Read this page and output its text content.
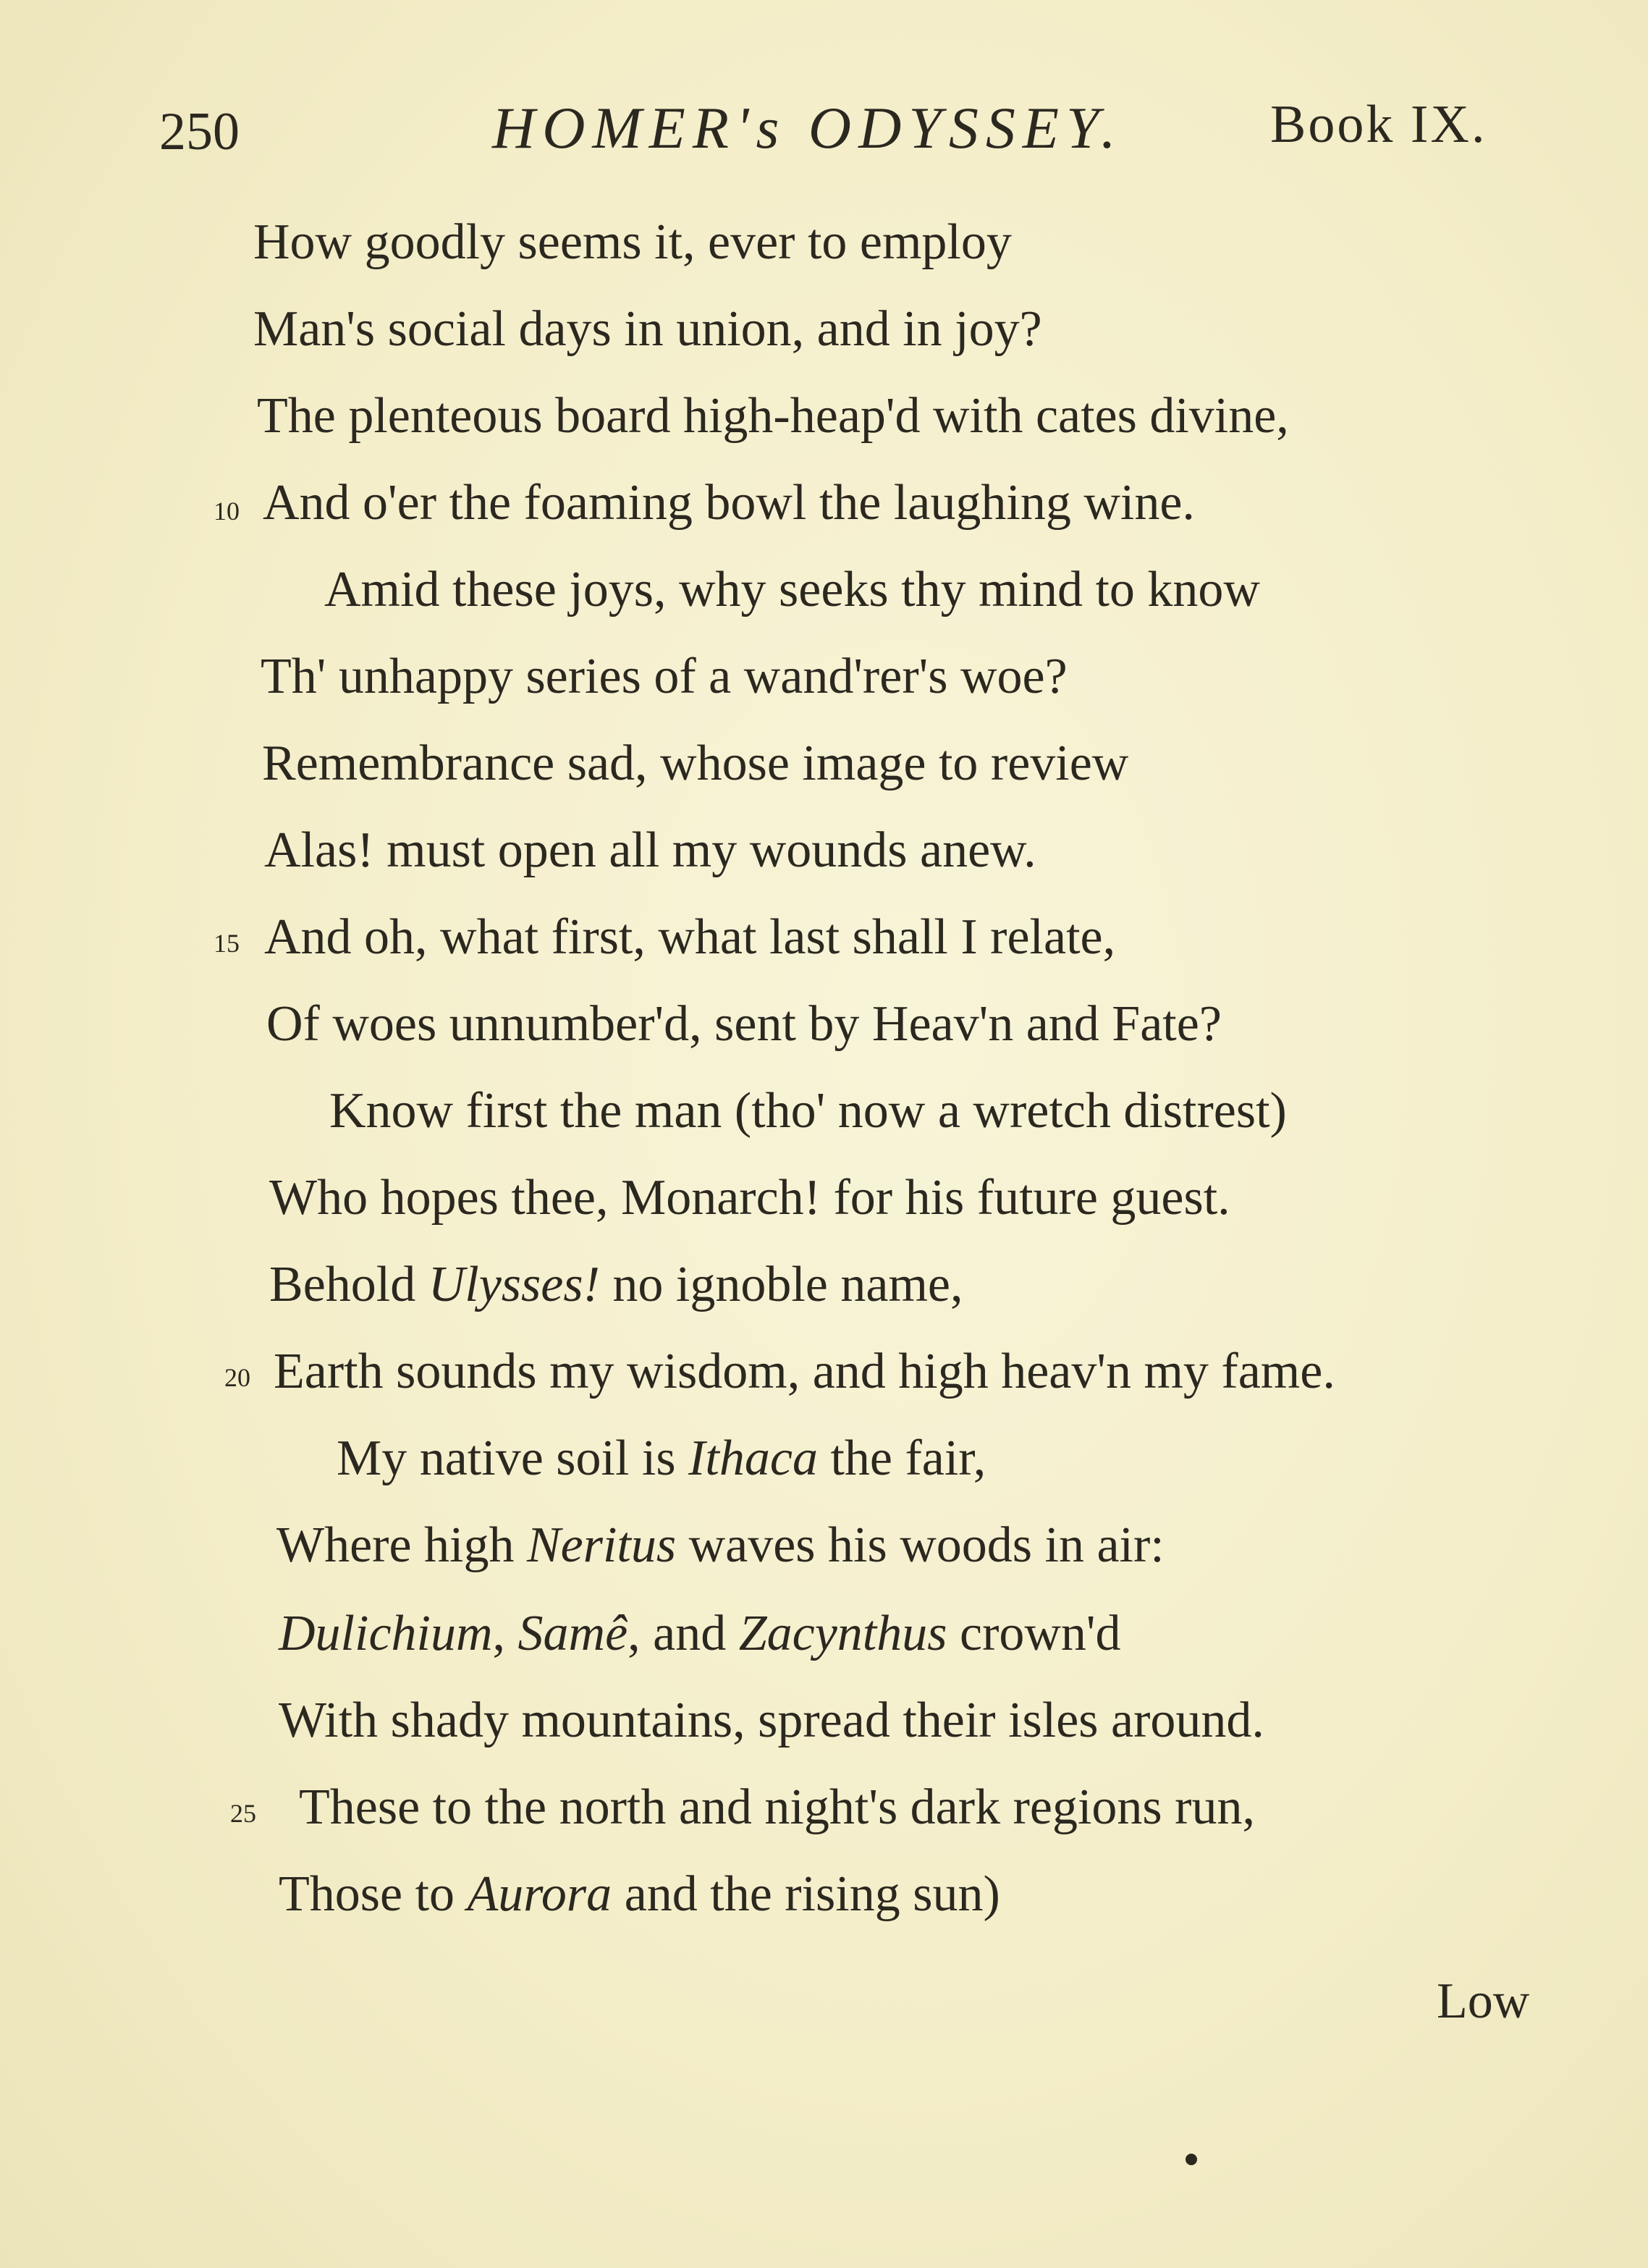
250	HOMER's ODYSSEY.	Book IX.
How goodly seems it, ever to employ
Man's social days in union, and in joy?
The plenteous board high-heap'd with cates divine,
10 And o'er the foaming bowl the laughing wine.
Amid these joys, why seeks thy mind to know
Th' unhappy series of a wand'rer's woe?
Remembrance sad, whose image to review
Alas! must open all my wounds anew.
15 And oh, what first, what last shall I relate,
Of woes unnumber'd, sent by Heav'n and Fate?
Know first the man (tho' now a wretch distrest)
Who hopes thee, Monarch! for his future guest.
Behold Ulysses! no ignoble name,
20 Earth sounds my wisdom, and high heav'n my fame.
My native soil is Ithaca the fair,
Where high Neritus waves his woods in air:
Dulichium, Samê, and Zacynthus crown'd
With shady mountains, spread their isles around.
25 These to the north and night's dark regions run,
Those to Aurora and the rising sun)
Low
